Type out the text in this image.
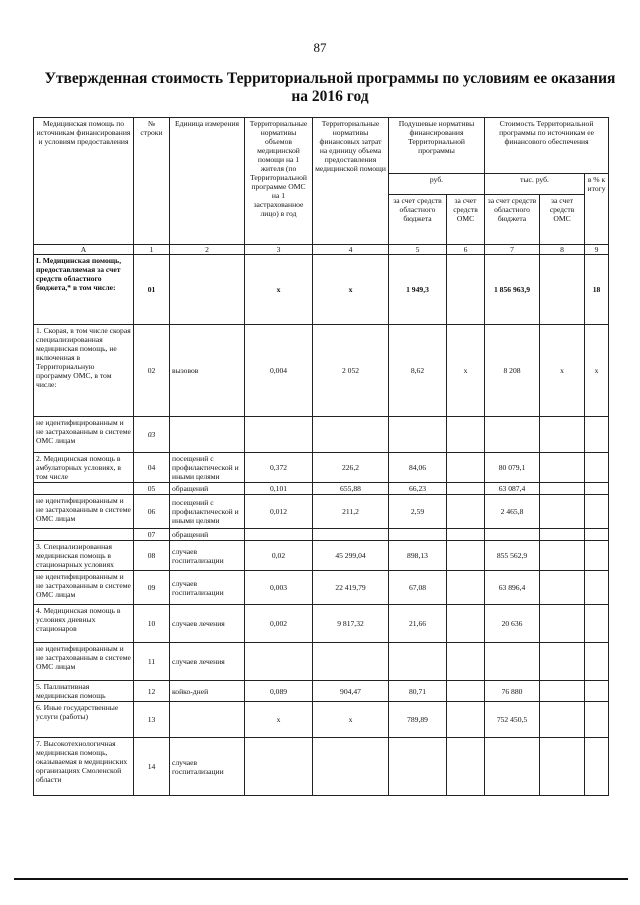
87
Утвержденная стоимость Территориальной программы по условиям ее оказания на 2016 год
Медицинская помощь по источникам финансирования и условиям предоставления	№ строки	Единица измерения	Территориальные нормативы объемов медицинской помощи на 1 жителя (по Территориальной программе ОМС на 1 застрахованное лицо) в год	Территориальные нормативы финансовых затрат на единицу объема предоставления медицинской помощи	Подушевые нормативы финансирования Территориальной программы		Стоимость Территориальной программы по источникам ее финансового обеспечения		
					руб.		тыс. руб.		в % к итогу
					за счет средств областного бюджета	за счет средств ОМС	за счет средств областного бюджета	за счет средств ОМС	
А	1	2	3	4	5	6	7	8	9
I. Медицинская помощь, предоставляемая за счет средств областного бюджета,* в том числе:	01		х	х	1 949,3		1 856 963,9		18
1. Скорая, в том числе скорая специализированная медицинская помощь, не включенная в Территориальную программу ОМС, в том числе:	02	вызовов	0,004	2 052	8,62	х	8 208	х	х
не идентифицированным и не застрахованным в системе ОМС лицам	03								
2. Медицинская помощь в амбулаторных условиях, в том числе	04	посещений с профилактической и иными целями	0,372	226,2	84,06		80 079,1		
	05	обращений	0,101	655,88	66,23		63 087,4		
не идентифицированным и не застрахованным в системе ОМС лицам	06	посещений с профилактической и иными целями	0,012	211,2	2,59		2 465,8		
	07	обращений							
3. Специализированная медицинская помощь в стационарных условиях	08	случаев госпитализации	0,02	45 299,04	898,13		855 562,9		
не идентифицированным и не застрахованным в системе ОМС лицам	09	случаев госпитализации	0,003	22 419,79	67,08		63 896,4		
4. Медицинская помощь в условиях дневных стационаров	10	случаев лечения	0,002	9 817,32	21,66		20 636		
не идентифицированным и не застрахованным в системе ОМС лицам	11	случаев лечения							
5. Паллиативная медицинская помощь	12	койко-дней	0,089	904,47	80,71		76 880		
6. Иные государственные услуги (работы)	13		х	х	789,89		752 450,5		
7. Высокотехнологичная медицинская помощь, оказываемая в медицинских организациях Смоленской области	14	случаев госпитализации							
